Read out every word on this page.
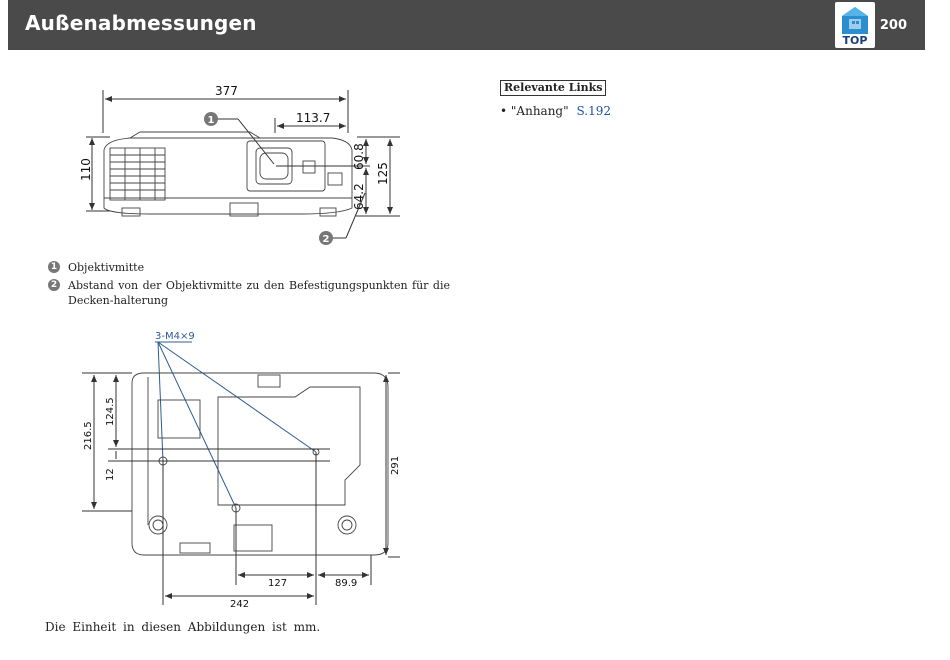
Außenabmessungen
TOP
200
377
113.7
110	60.8
64.2
125
1
2
1 Objektivmitte
2 Abstand von der Objektivmitte zu den Befestigungspunkten für die Decken-halterung
3-M4×9
216.5
124.5
12	291
127	89.9
242
Relevante Links
• "Anhang" S.192
Die Einheit in diesen Abbildungen ist mm.
